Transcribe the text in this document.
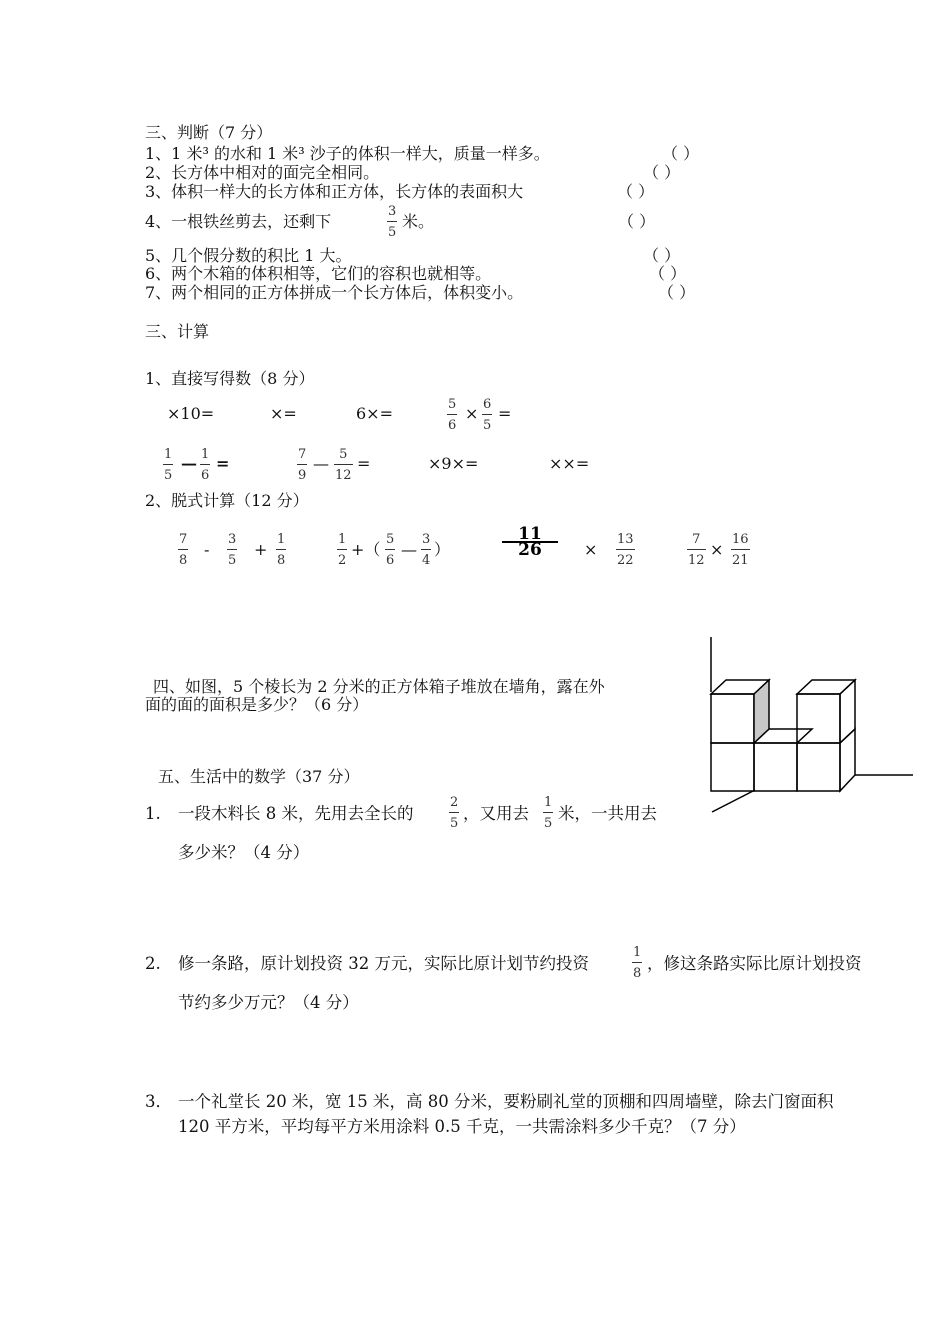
三、判断（7 分）
1、1 米³ 的水和 1 米³ 沙子的体积一样大，质量一样多。	（ ）
2、长方体中相对的面完全相同。	（ ）
3、体积一样大的长方体和正方体，长方体的表面积大	（ ）
4、一根铁丝剪去，还剩下
3
5
米。	（ ）
5、几个假分数的积比 1 大。	（ ）
6、两个木箱的体积相等，它们的容积也就相等。	（ ）
7、两个相同的正方体拼成一个长方体后，体积变小。	（ ）
三、计算
1、直接写得数（8 分）
×10=	×=	6×=	5
6
× 6
5
=
1
5
— 1
6
=	7
9
— 5
12
=	×9×=	××=
2、脱式计算（12 分）
7
8
-
3
5
+
1
8
1
2
+（
5
6
—
3
4
）
11
26	×
13
22
7
12
×
16
21
四、如图，5 个棱长为 2 分米的正方体箱子堆放在墙角，露在外
面的面的面积是多少？（6 分）
五、生活中的数学（37 分）
1. 一段木料长 8 米，先用去全长的
2
5
，又用去
1
5
米，一共用去
多少米？（4 分）
2. 修一条路，原计划投资 32 万元，实际比原计划节约投资
1
8
，修这条路实际比原计划投资
节约多少万元？（4 分）
3． 一个礼堂长 20 米，宽 15 米，高 80 分米，要粉刷礼堂的顶棚和四周墙壁，除去门窗面积
120 平方米，平均每平方米用涂料 0.5 千克，一共需涂料多少千克？（7 分）
